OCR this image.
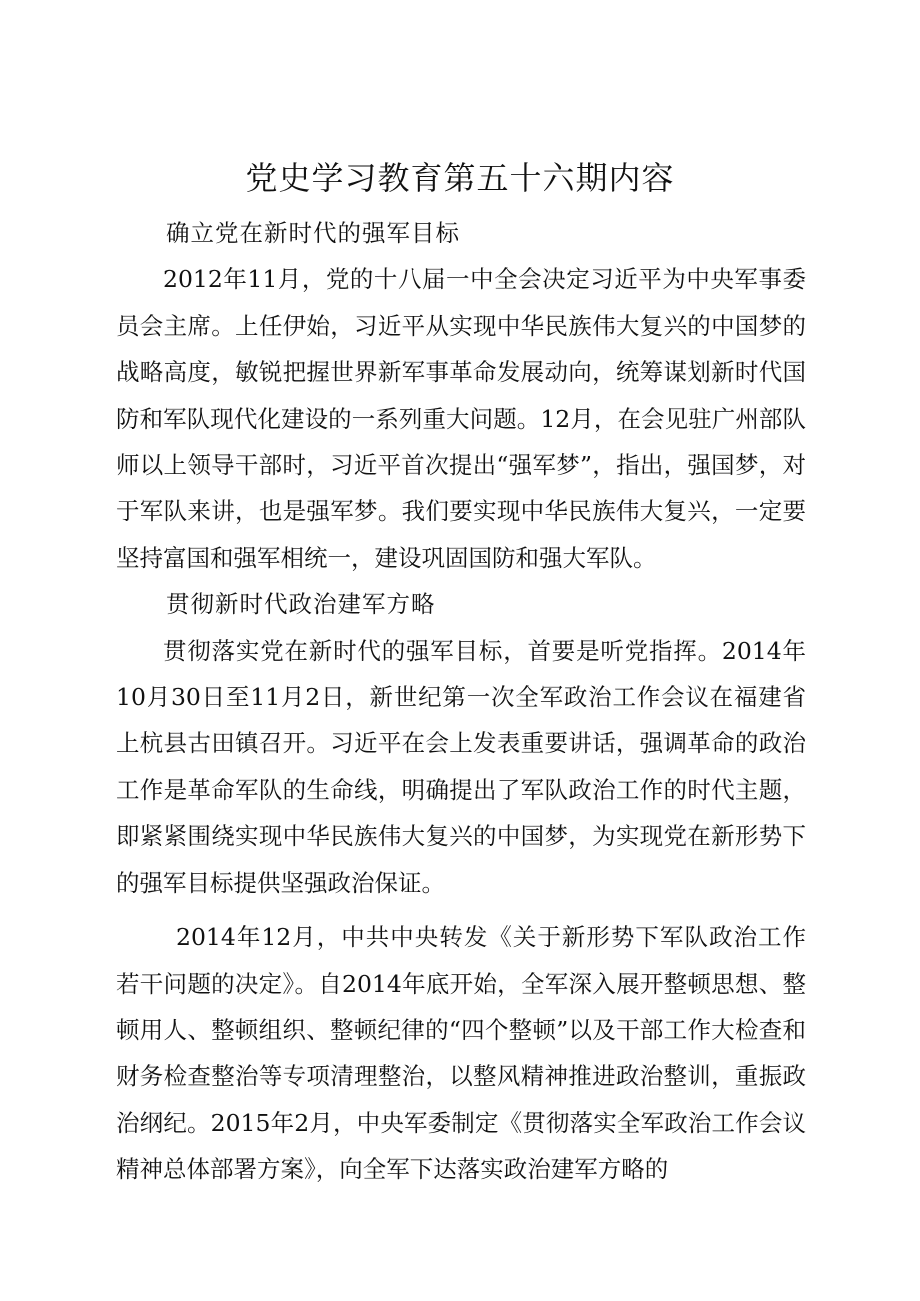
党史学习教育第五十六期内容

确立党在新时代的强军目标

2012年11月，党的十八届一中全会决定习近平为中央军事委员会主席。上任伊始，习近平从实现中华民族伟大复兴的中国梦的战略高度，敏锐把握世界新军事革命发展动向，统筹谋划新时代国防和军队现代化建设的一系列重大问题。12月，在会见驻广州部队师以上领导干部时，习近平首次提出“强军梦”，指出，强国梦，对于军队来讲，也是强军梦。我们要实现中华民族伟大复兴，一定要坚持富国和强军相统一，建设巩固国防和强大军队。

贯彻新时代政治建军方略

贯彻落实党在新时代的强军目标，首要是听党指挥。2014年10月30日至11月2日，新世纪第一次全军政治工作会议在福建省上杭县古田镇召开。习近平在会上发表重要讲话，强调革命的政治工作是革命军队的生命线，明确提出了军队政治工作的时代主题，即紧紧围绕实现中华民族伟大复兴的中国梦，为实现党在新形势下的强军目标提供坚强政治保证。

2014年12月，中共中央转发《关于新形势下军队政治工作若干问题的决定》。自2014年底开始，全军深入展开整顿思想、整顿用人、整顿组织、整顿纪律的“四个整顿”以及干部工作大检查和财务检查整治等专项清理整治，以整风精神推进政治整训，重振政治纲纪。2015年2月，中央军委制定《贯彻落实全军政治工作会议精神总体部署方案》，向全军下达落实政治建军方略的
